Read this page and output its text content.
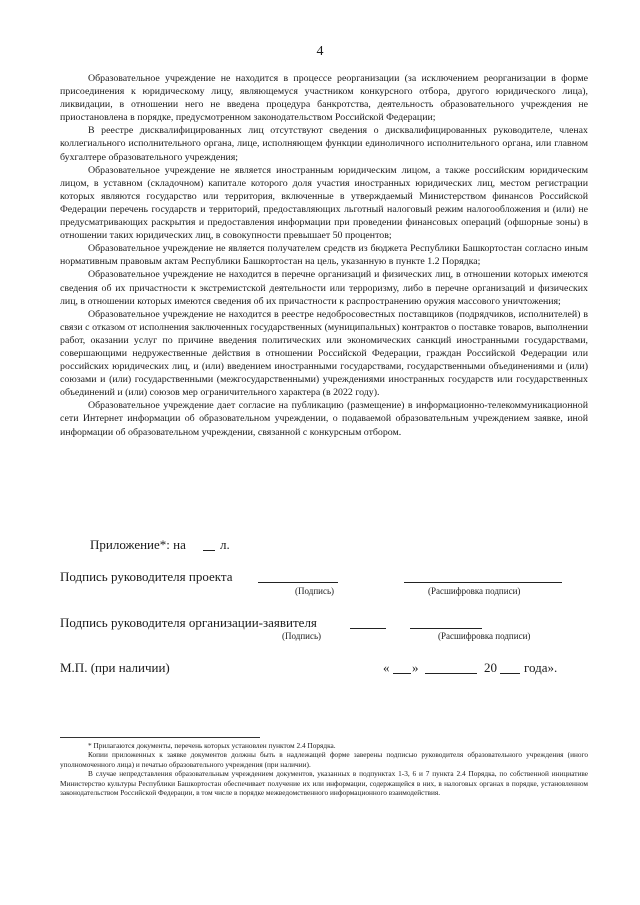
4

Образовательное учреждение не находится в процессе реорганизации (за исключением реорганизации в форме присоединения к юридическому лицу, являющемуся участником конкурсного отбора, другого юридического лица), ликвидации, в отношении него не введена процедура банкротства, деятельность образовательного учреждения не приостановлена в порядке, предусмотренном законодательством Российской Федерации;

В реестре дисквалифицированных лиц отсутствуют сведения о дисквалифицированных руководителе, членах коллегиального исполнительного органа, лице, исполняющем функции единоличного исполнительного органа, или главном бухгалтере образовательного учреждения;

Образовательное учреждение не является иностранным юридическим лицом, а также российским юридическим лицом, в уставном (складочном) капитале которого доля участия иностранных юридических лиц, местом регистрации которых являются государство или территория, включенные в утверждаемый Министерством финансов Российской Федерации перечень государств и территорий, предоставляющих льготный налоговый режим налогообложения и (или) не предусматривающих раскрытия и предоставления информации при проведении финансовых операций (офшорные зоны) в отношении таких юридических лиц, в совокупности превышает 50 процентов;

Образовательное учреждение не является получателем средств из бюджета Республики Башкортостан согласно иным нормативным правовым актам Республики Башкортостан на цель, указанную в пункте 1.2 Порядка;

Образовательное учреждение не находится в перечне организаций и физических лиц, в отношении которых имеются сведения об их причастности к экстремистской деятельности или терроризму, либо в перечне организаций и физических лиц, в отношении которых имеются сведения об их причастности к распространению оружия массового уничтожения;

Образовательное учреждение не находится в реестре недобросовестных поставщиков (подрядчиков, исполнителей) в связи с отказом от исполнения заключенных государственных (муниципальных) контрактов о поставке товаров, выполнении работ, оказании услуг по причине введения политических или экономических санкций иностранными государствами, совершающими недружественные действия в отношении Российской Федерации, граждан Российской Федерации или российских юридических лиц, и (или) введением иностранными государствами, государственными объединениями и (или) союзами и (или) государственными (межгосударственными) учреждениями иностранных государств или государственных объединений и (или) союзов мер ограничительного характера (в 2022 году).

Образовательное учреждение дает согласие на публикацию (размещение) в информационно-телекоммуникационной сети Интернет информации об образовательном учреждении, о подаваемой образовательным учреждением заявке, иной информации об образовательном учреждении, связанной с конкурсным отбором.

Приложение*: на	л.
Подпись руководителя проекта
(Подпись)	(Расшифровка подписи)
Подпись руководителя организации-заявителя
(Подпись)	(Расшифровка подписи)
М.П. (при наличии)	« »	20 года».

* Прилагаются документы, перечень которых установлен пунктом 2.4 Порядка.

Копии приложенных к заявке документов должны быть в надлежащей форме заверены подписью руководителя образовательного учреждения (иного уполномоченного лица) и печатью образовательного учреждения (при наличии).

В случае непредставления образовательным учреждением документов, указанных в подпунктах 1-3, 6 и 7 пункта 2.4 Порядка, по собственной инициативе Министерство культуры Республики Башкортостан обеспечивает получение их или информации, содержащейся в них, в налоговых органах в порядке, установленном законодательством Российской Федерации, в том числе в порядке межведомственного информационного взаимодействия.
